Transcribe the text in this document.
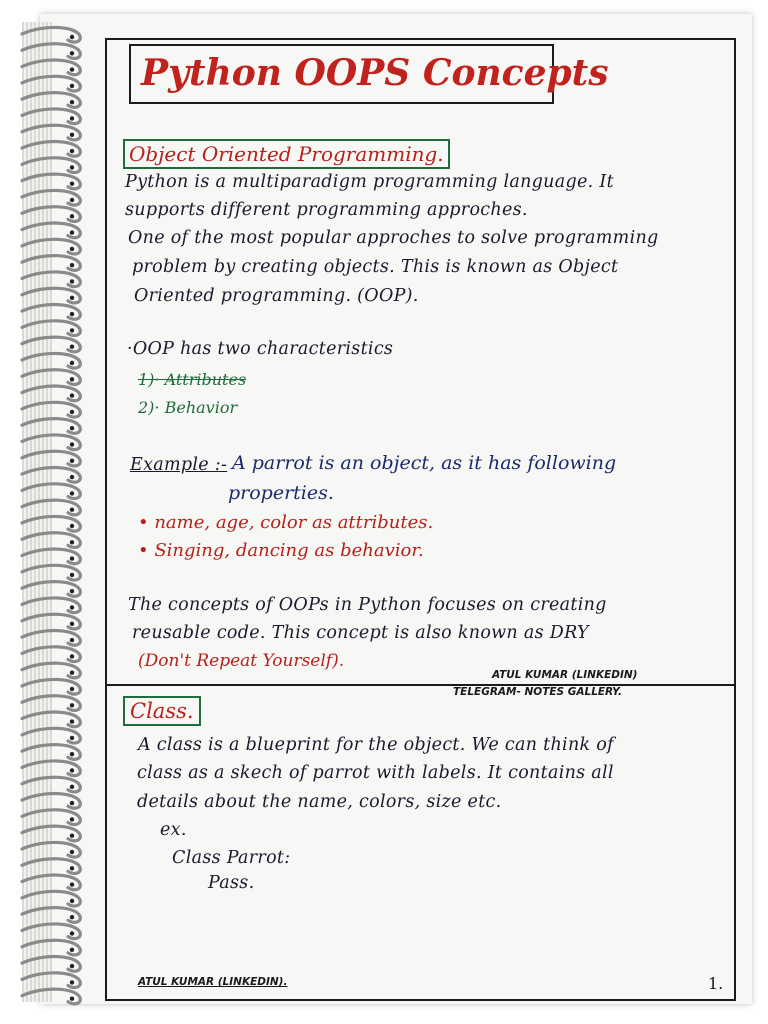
Python OOPS Concepts
Object Oriented Programming.
Python is a multiparadigm programming language. It
supports different programming approches.
One of the most popular approches to solve programming
problem by creating objects. This is known as Object
Oriented programming. (OOP).
·OOP has two characteristics
1)· Attributes
2)· Behavior
Example :- A parrot is an object, as it has following
properties.
• name, age, color as attributes.
• Singing, dancing as behavior.
The concepts of OOPs in Python focuses on creating
reusable code. This concept is also known as DRY
(Don't Repeat Yourself).
ATUL KUMAR (LINKEDIN)
TELEGRAM- NOTES GALLERY.
Class.
A class is a blueprint for the object. We can think of
class as a skech of parrot with labels. It contains all
details about the name, colors, size etc.
ex.
Class Parrot:
Pass.
ATUL KUMAR (LINKEDIN).	1.
